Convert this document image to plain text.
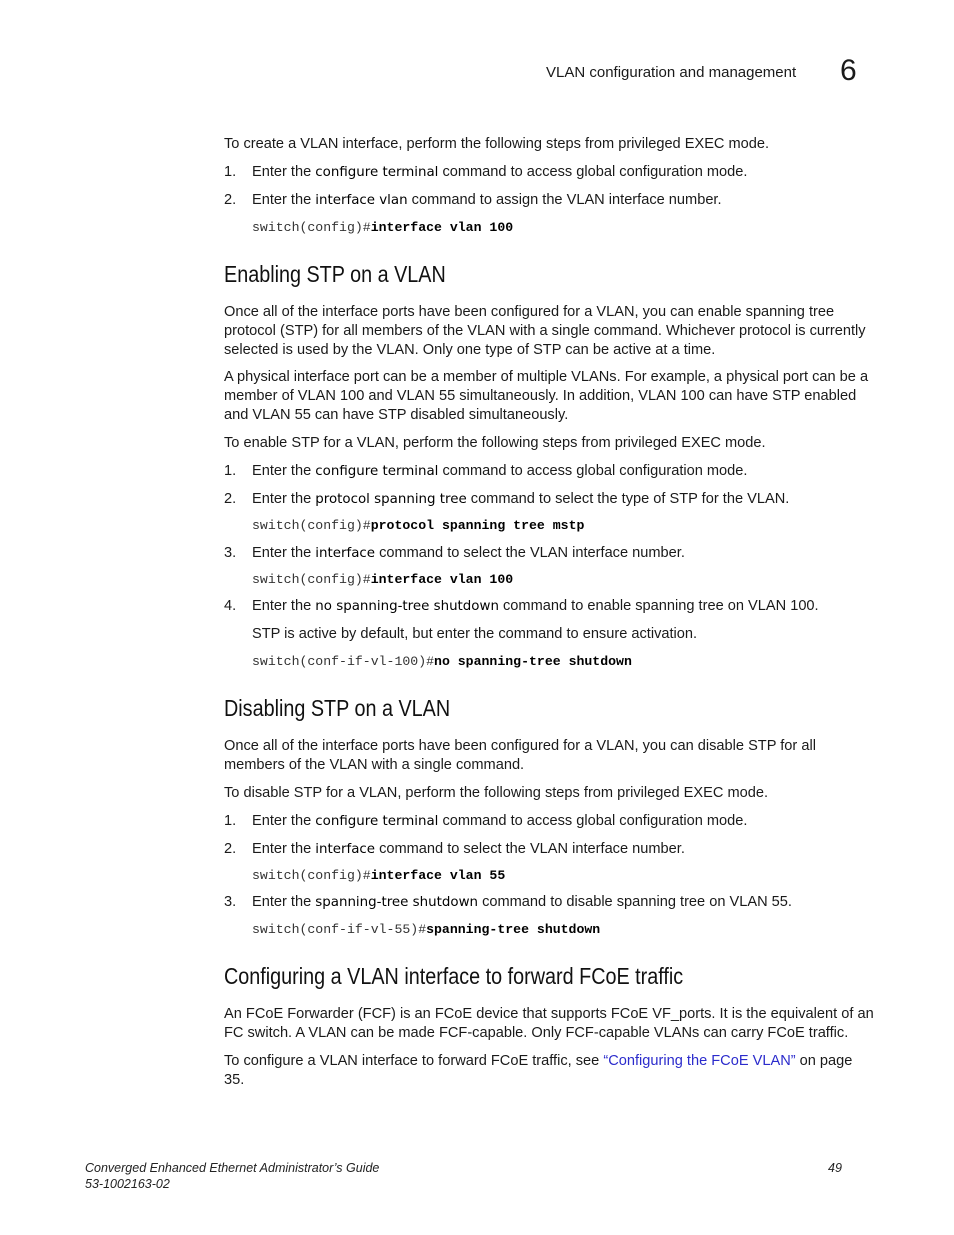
VLAN configuration and management 6
To create a VLAN interface, perform the following steps from privileged EXEC mode.
1. Enter the configure terminal command to access global configuration mode.
2. Enter the interface vlan command to assign the VLAN interface number.
switch(config)#interface vlan 100
Enabling STP on a VLAN
Once all of the interface ports have been configured for a VLAN, you can enable spanning tree protocol (STP) for all members of the VLAN with a single command. Whichever protocol is currently selected is used by the VLAN. Only one type of STP can be active at a time.
A physical interface port can be a member of multiple VLANs. For example, a physical port can be a member of VLAN 100 and VLAN 55 simultaneously. In addition, VLAN 100 can have STP enabled and VLAN 55 can have STP disabled simultaneously.
To enable STP for a VLAN, perform the following steps from privileged EXEC mode.
1. Enter the configure terminal command to access global configuration mode.
2. Enter the protocol spanning tree command to select the type of STP for the VLAN.
switch(config)#protocol spanning tree mstp
3. Enter the interface command to select the VLAN interface number.
switch(config)#interface vlan 100
4. Enter the no spanning-tree shutdown command to enable spanning tree on VLAN 100.
STP is active by default, but enter the command to ensure activation.
switch(conf-if-vl-100)#no spanning-tree shutdown
Disabling STP on a VLAN
Once all of the interface ports have been configured for a VLAN, you can disable STP for all members of the VLAN with a single command.
To disable STP for a VLAN, perform the following steps from privileged EXEC mode.
1. Enter the configure terminal command to access global configuration mode.
2. Enter the interface command to select the VLAN interface number.
switch(config)#interface vlan 55
3. Enter the spanning-tree shutdown command to disable spanning tree on VLAN 55.
switch(conf-if-vl-55)#spanning-tree shutdown
Configuring a VLAN interface to forward FCoE traffic
An FCoE Forwarder (FCF) is an FCoE device that supports FCoE VF_ports. It is the equivalent of an FC switch. A VLAN can be made FCF-capable. Only FCF-capable VLANs can carry FCoE traffic.
To configure a VLAN interface to forward FCoE traffic, see “Configuring the FCoE VLAN” on page 35.
Converged Enhanced Ethernet Administrator’s Guide
53-1002163-02
49
